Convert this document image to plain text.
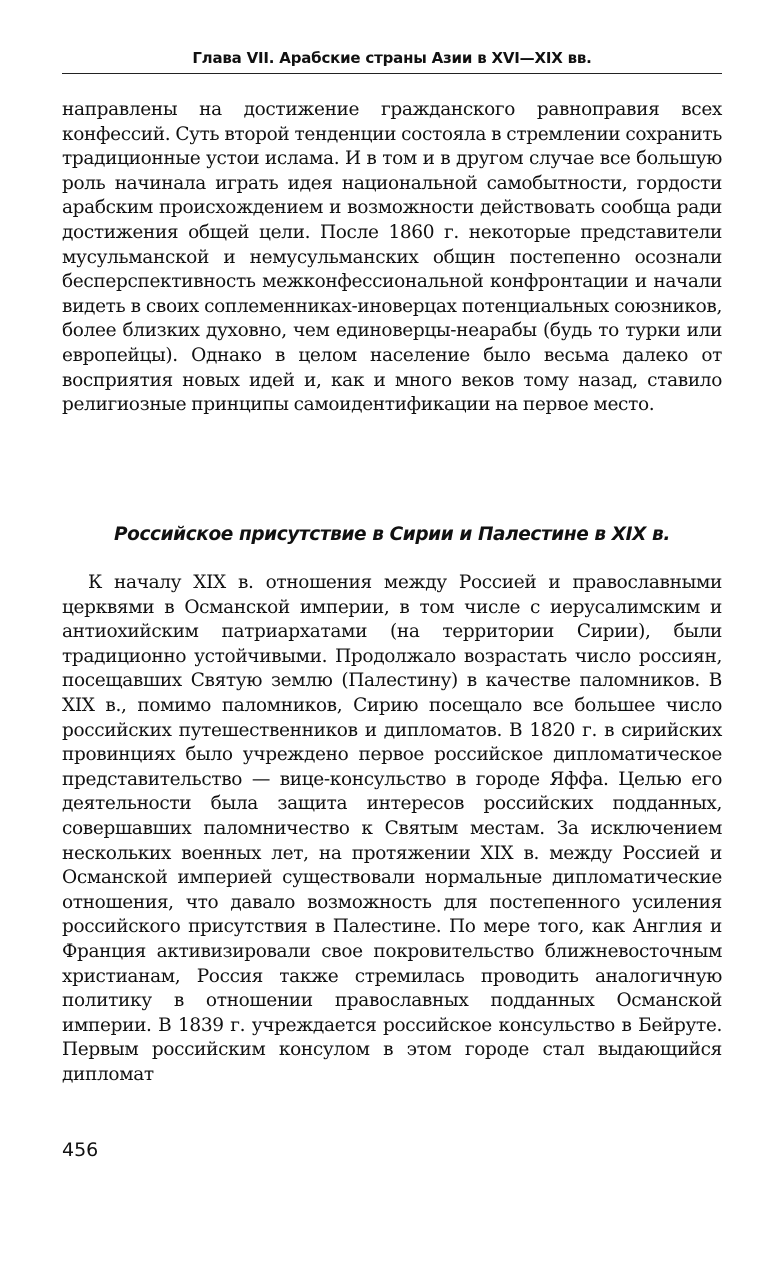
Глава VII. Арабские страны Азии в XVI—XIX вв.

направлены на достижение гражданского равноправия всех конфессий. Суть второй тенденции состояла в стремлении сохранить традиционные устои ислама. И в том и в другом случае все большую роль начинала играть идея национальной самобытности, гордости арабским происхождением и возможности действовать сообща ради достижения общей цели. После 1860 г. некоторые представители мусульманской и немусульманских общин постепенно осознали бесперспективность межконфессиональной конфронтации и начали видеть в своих соплеменниках-иноверцах потенциальных союзников, более близких духовно, чем единоверцы-неарабы (будь то турки или европейцы). Однако в целом население было весьма далеко от восприятия новых идей и, как и много веков тому назад, ставило религиозные принципы самоидентификации на первое место.

Российское присутствие в Сирии и Палестине в XIX в.

К началу XIX в. отношения между Россией и православными церквями в Османской империи, в том числе с иерусалимским и антиохийским патриархатами (на территории Сирии), были традиционно устойчивыми. Продолжало возрастать число россиян, посещавших Святую землю (Палестину) в качестве паломников. В XIX в., помимо паломников, Сирию посещало все большее число российских путешественников и дипломатов. В 1820 г. в сирийских провинциях было учреждено первое российское дипломатическое представительство — вице-консульство в городе Яффа. Целью его деятельности была защита интересов российских подданных, совершавших паломничество к Святым местам. За исключением нескольких военных лет, на протяжении XIX в. между Россией и Османской империей существовали нормальные дипломатические отношения, что давало возможность для постепенного усиления российского присутствия в Палестине. По мере того, как Англия и Франция активизировали свое покровительство ближневосточным христианам, Россия также стремилась проводить аналогичную политику в отношении православных подданных Османской империи. В 1839 г. учреждается российское консульство в Бейруте. Первым российским консулом в этом городе стал выдающийся дипломат

456
